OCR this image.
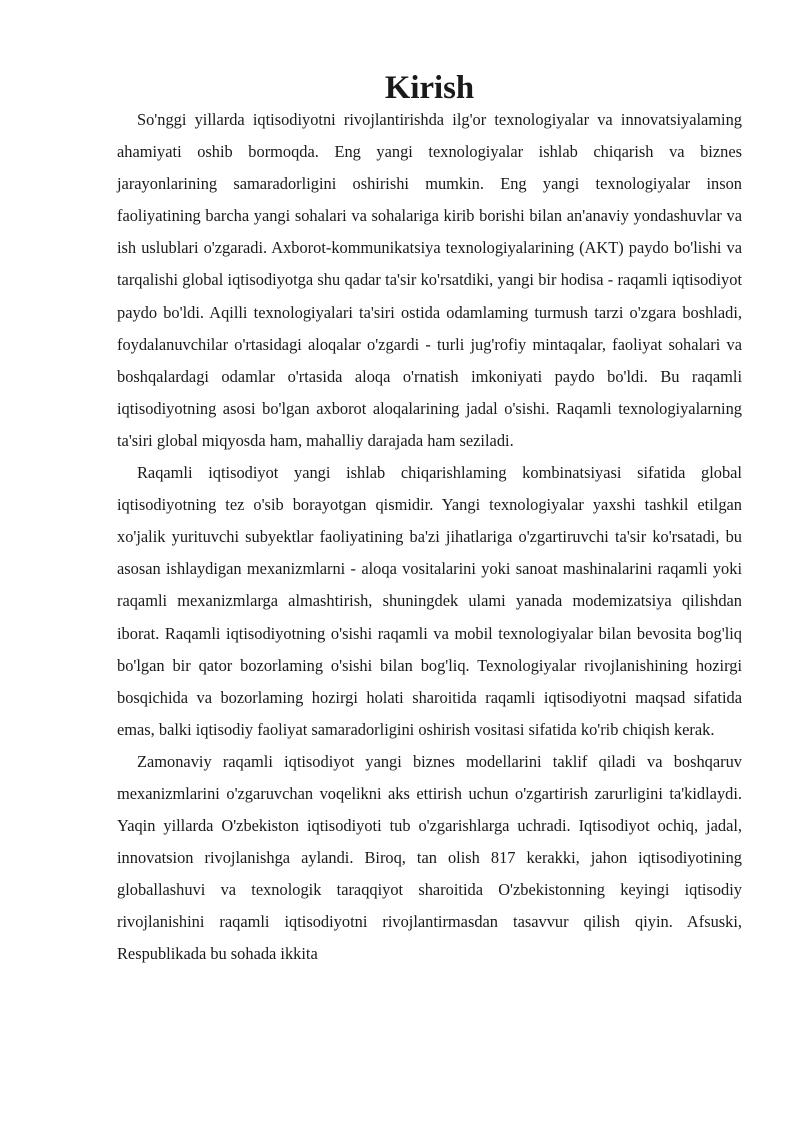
Kirish

So'nggi yillarda iqtisodiyotni rivojlantirishda ilg'or texnologiyalar va innovatsiyalaming ahamiyati oshib bormoqda. Eng yangi texnologiyalar ishlab chiqarish va biznes jarayonlarining samaradorligini oshirishi mumkin. Eng yangi texnologiyalar inson faoliyatining barcha yangi sohalari va sohalariga kirib borishi bilan an'anaviy yondashuvlar va ish uslublari o'zgaradi. Axborot-kommunikatsiya texnologiyalarining (AKT) paydo bo'lishi va tarqalishi global iqtisodiyotga shu qadar ta'sir ko'rsatdiki, yangi bir hodisa - raqamli iqtisodiyot paydo bo'ldi. Aqilli texnologiyalari ta'siri ostida odamlaming turmush tarzi o'zgara boshladi, foydalanuvchilar o'rtasidagi aloqalar o'zgardi - turli jug'rofiy mintaqalar, faoliyat sohalari va boshqalardagi odamlar o'rtasida aloqa o'rnatish imkoniyati paydo bo'ldi. Bu raqamli iqtisodiyotning asosi bo'lgan axborot aloqalarining jadal o'sishi. Raqamli texnologiyalarning ta'siri global miqyosda ham, mahalliy darajada ham seziladi.

Raqamli iqtisodiyot yangi ishlab chiqarishlaming kombinatsiyasi sifatida global iqtisodiyotning tez o'sib borayotgan qismidir. Yangi texnologiyalar yaxshi tashkil etilgan xo'jalik yurituvchi subyektlar faoliyatining ba'zi jihatlariga o'zgartiruvchi ta'sir ko'rsatadi, bu asosan ishlaydigan mexanizmlarni - aloqa vositalarini yoki sanoat mashinalarini raqamli yoki raqamli mexanizmlarga almashtirish, shuningdek ulami yanada modemizatsiya qilishdan iborat. Raqamli iqtisodiyotning o'sishi raqamli va mobil texnologiyalar bilan bevosita bog'liq bo'lgan bir qator bozorlaming o'sishi bilan bog'liq. Texnologiyalar rivojlanishining hozirgi bosqichida va bozorlaming hozirgi holati sharoitida raqamli iqtisodiyotni maqsad sifatida emas, balki iqtisodiy faoliyat samaradorligini oshirish vositasi sifatida ko'rib chiqish kerak.

Zamonaviy raqamli iqtisodiyot yangi biznes modellarini taklif qiladi va boshqaruv mexanizmlarini o'zgaruvchan voqelikni aks ettirish uchun o'zgartirish zarurligini ta'kidlaydi. Yaqin yillarda O'zbekiston iqtisodiyoti tub o'zgarishlarga uchradi. Iqtisodiyot ochiq, jadal, innovatsion rivojlanishga aylandi. Biroq, tan olish 817 kerakki, jahon iqtisodiyotining globallashuvi va texnologik taraqqiyot sharoitida O'zbekistonning keyingi iqtisodiy rivojlanishini raqamli iqtisodiyotni rivojlantirmasdan tasavvur qilish qiyin. Afsuski, Respublikada bu sohada ikkita
